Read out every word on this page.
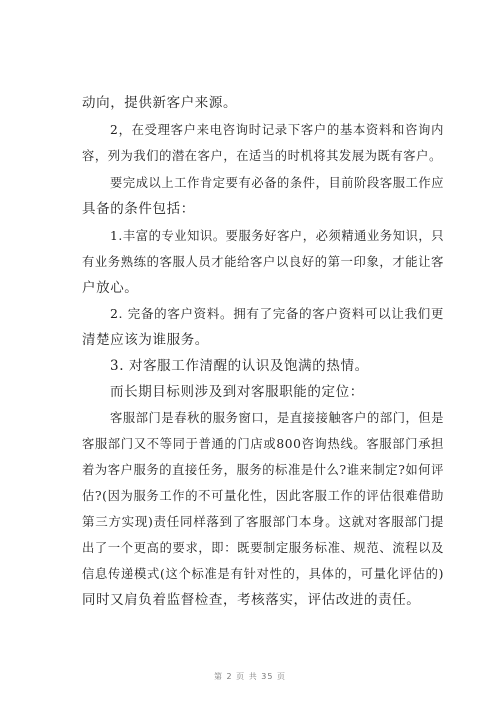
动向，提供新客户来源。
2，在受理客户来电咨询时记录下客户的基本资料和咨询内
容，列为我们的潜在客户，在适当的时机将其发展为既有客户。
要完成以上工作肯定要有必备的条件，目前阶段客服工作应
具备的条件包括：
1.丰富的专业知识。要服务好客户，必须精通业务知识，只
有业务熟练的客服人员才能给客户以良好的第一印象，才能让客
户放心。
2. 完备的客户资料。拥有了完备的客户资料可以让我们更
清楚应该为谁服务。
3. 对客服工作清醒的认识及饱满的热情。
而长期目标则涉及到对客服职能的定位：
客服部门是春秋的服务窗口，是直接接触客户的部门，但是
客服部门又不等同于普通的门店或800咨询热线。客服部门承担
着为客户服务的直接任务，服务的标准是什么?谁来制定?如何评
估?(因为服务工作的不可量化性，因此客服工作的评估很难借助
第三方实现)责任同样落到了客服部门本身。这就对客服部门提
出了一个更高的要求，即：既要制定服务标准、规范、流程以及
信息传递模式(这个标准是有针对性的，具体的，可量化评估的)
同时又肩负着监督检查，考核落实，评估改进的责任。
第 2 页 共 35 页
